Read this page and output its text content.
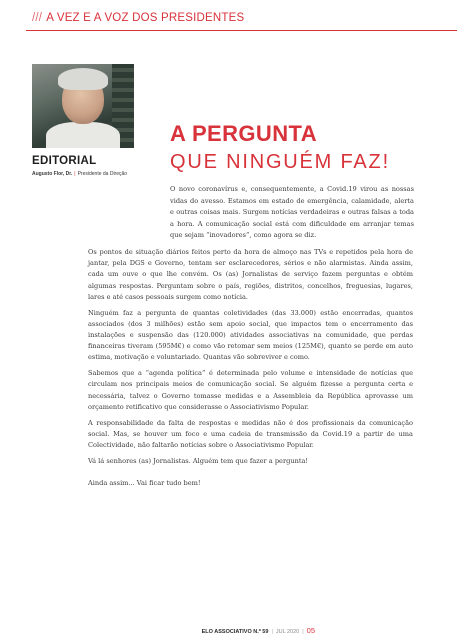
/// A VEZ E A VOZ DOS PRESIDENTES
EDITORIAL
Augusto Flor, Dr. | Presidente da Direção
A PERGUNTA
QUE NINGUÉM FAZ!
O novo coronavírus e, consequentemente, a Covid.19 virou as nossas vidas do avesso. Estamos em estado de emergência, calamidade, alerta e outras coisas mais. Surgem notícias verdadeiras e outras falsas a toda a hora. A comunicação social está com dificuldade em arranjar temas que sejam “inovadores”, como agora se diz.

Os pontos de situação diários feitos perto da hora de almoço nas TVs e repetidos pela hora de jantar, pela DGS e Governo, tentam ser esclarecedores, sérios e não alarmistas. Ainda assim, cada um ouve o que lhe convém. Os (as) Jornalistas de serviço fazem perguntas e obtém algumas respostas. Perguntam sobre o país, regiões, distritos, concelhos, freguesias, lugares, lares e até casos pessoais surgem como notícia.

Ninguém faz a pergunta de quantas coletividades (das 33.000) estão encerradas, quantos associados (dos 3 milhões) estão sem apoio social, que impactos tem o encerramento das instalações e suspensão das (120.000) atividades associativas na comunidade, que perdas financeiras tiveram (595M€) e como vão retomar sem meios (125M€), quanto se perde em auto estima, motivação e voluntariado. Quantas vão sobreviver e como.

Sabemos que a “agenda política” é determinada pelo volume e intensidade de notícias que circulam nos principais meios de comunicação social. Se alguém fizesse a pergunta certa e necessária, talvez o Governo tomasse medidas e a Assembleia da República aprovasse um orçamento retificativo que considerasse o Associativismo Popular.

A responsabilidade da falta de respostas e medidas não é dos profissionais da comunicação social. Mas, se houver um foco e uma cadeia de transmissão da Covid.19 a partir de uma Colectividade, não faltarão notícias sobre o Associativismo Popular.

Vá lá senhores (as) Jornalistas. Alguém tem que fazer a pergunta!

Ainda assim... Vai ficar tudo bem!

ELO ASSOCIATIVO N.º 59 | JUL 2020 | 05
